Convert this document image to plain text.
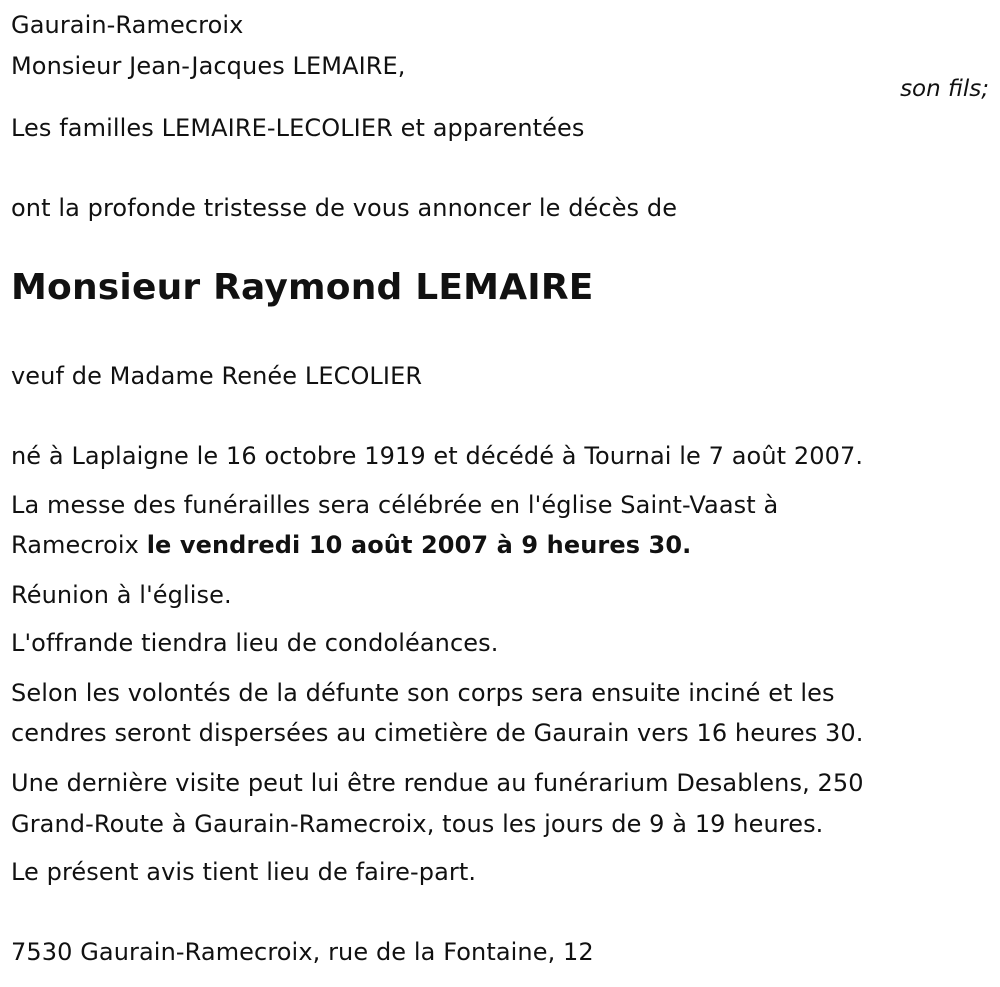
Gaurain-Ramecroix
Monsieur Jean-Jacques LEMAIRE,
son fils;
Les familles LEMAIRE-LECOLIER et apparentées
ont la profonde tristesse de vous annoncer le décès de
Monsieur Raymond LEMAIRE
veuf de Madame Renée LECOLIER
né à Laplaigne le 16 octobre 1919 et décédé à Tournai le 7 août 2007.
La messe des funérailles sera célébrée en l'église Saint-Vaast à
Ramecroix le vendredi 10 août 2007 à 9 heures 30.
Réunion à l'église.
L'offrande tiendra lieu de condoléances.
Selon les volontés de la défunte son corps sera ensuite inciné et les
cendres seront dispersées au cimetière de Gaurain vers 16 heures 30.
Une dernière visite peut lui être rendue au funérarium Desablens, 250
Grand-Route à Gaurain-Ramecroix, tous les jours de 9 à 19 heures.
Le présent avis tient lieu de faire-part.
7530 Gaurain-Ramecroix, rue de la Fontaine, 12
